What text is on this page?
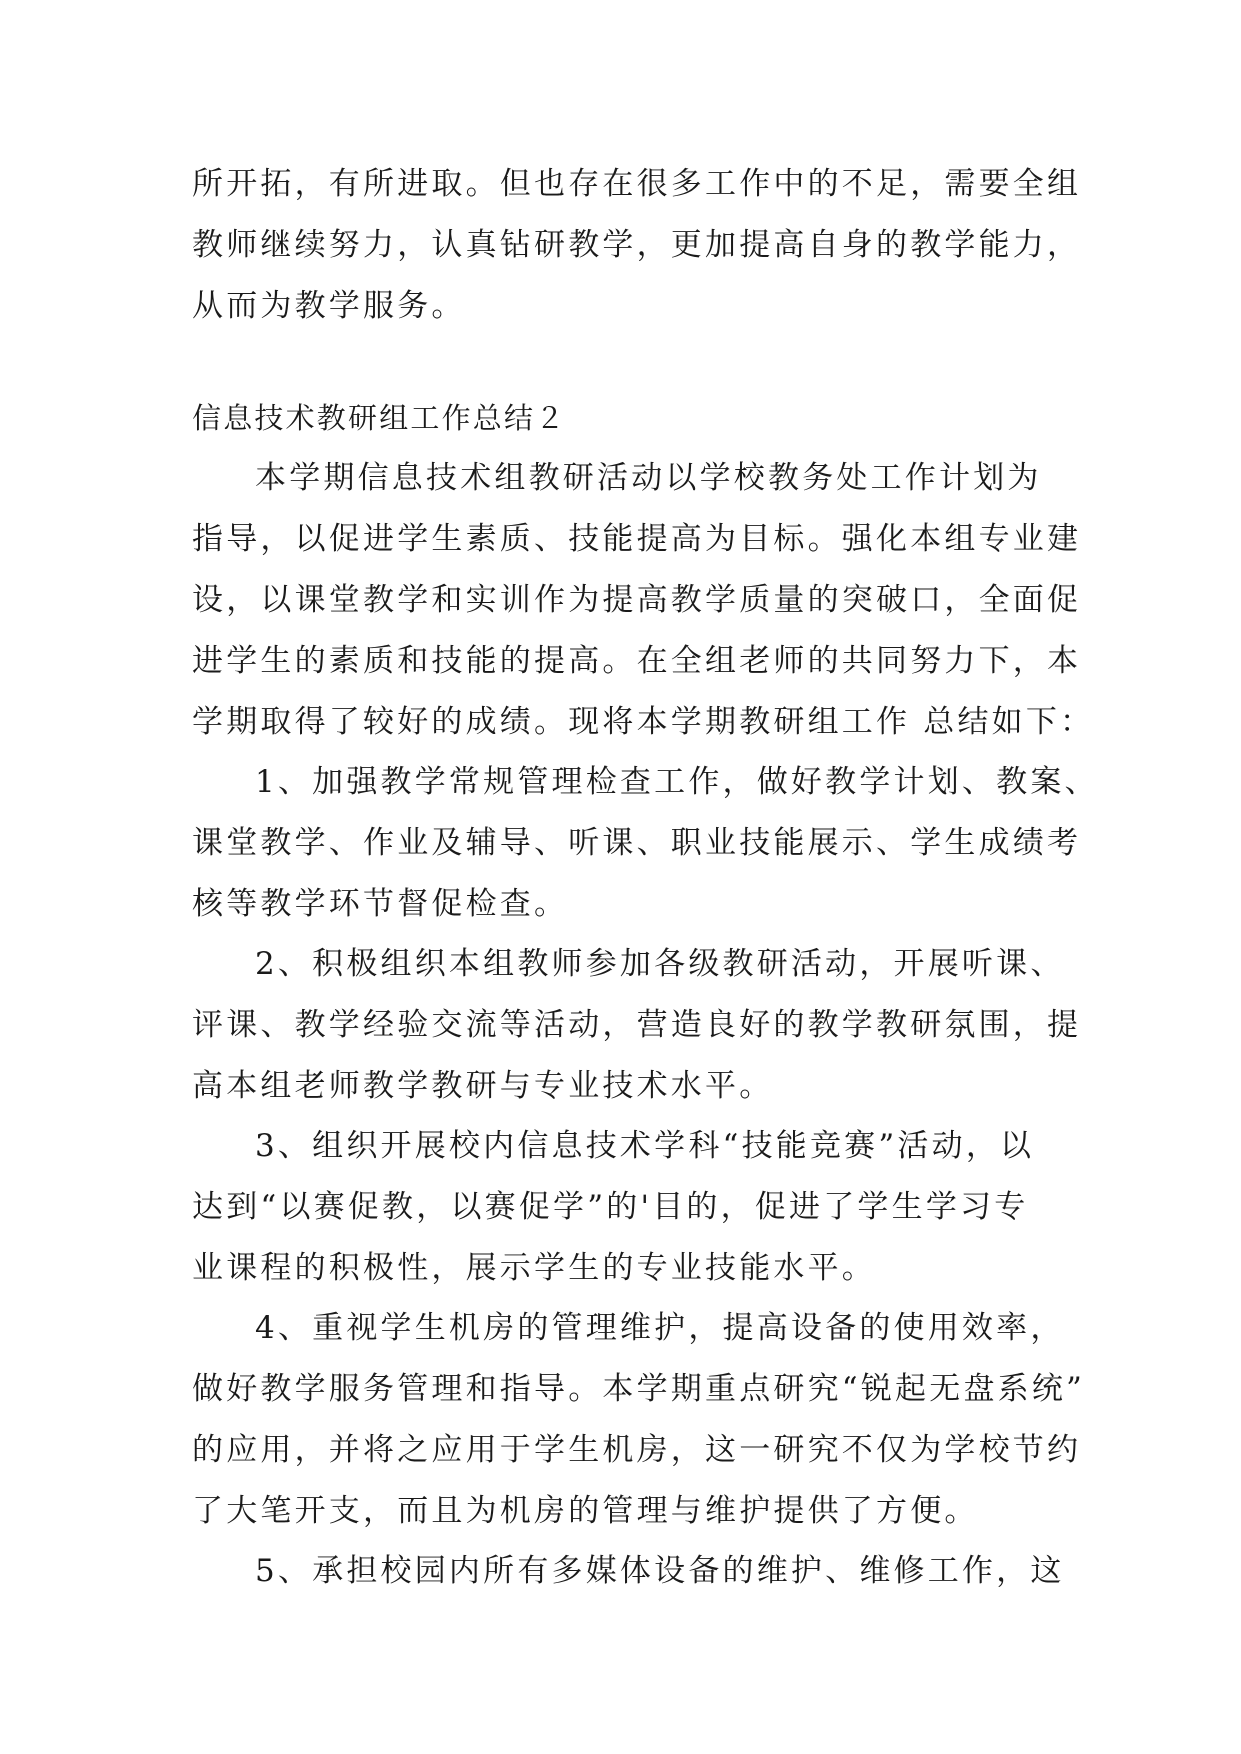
所开拓，有所进取。但也存在很多工作中的不足，需要全组
教师继续努力，认真钻研教学，更加提高自身的教学能力，
从而为教学服务。
信息技术教研组工作总结２
本学期信息技术组教研活动以学校教务处工作计划为
指导，以促进学生素质、技能提高为目标。强化本组专业建
设，以课堂教学和实训作为提高教学质量的突破口，全面促
进学生的素质和技能的提高。在全组老师的共同努力下，本
学期取得了较好的成绩。现将本学期教研组工作 总结如下：
1、加强教学常规管理检查工作，做好教学计划、教案、
课堂教学、作业及辅导、听课、职业技能展示、学生成绩考
核等教学环节督促检查。
2、积极组织本组教师参加各级教研活动，开展听课、
评课、教学经验交流等活动，营造良好的教学教研氛围，提
高本组老师教学教研与专业技术水平。
3、组织开展校内信息技术学科“技能竞赛”活动，以
达到“以赛促教，以赛促学”的'目的，促进了学生学习专
业课程的积极性，展示学生的专业技能水平。
4、重视学生机房的管理维护，提高设备的使用效率，
做好教学服务管理和指导。本学期重点研究“锐起无盘系统”
的应用，并将之应用于学生机房，这一研究不仅为学校节约
了大笔开支，而且为机房的管理与维护提供了方便。
5、承担校园内所有多媒体设备的维护、维修工作，这
